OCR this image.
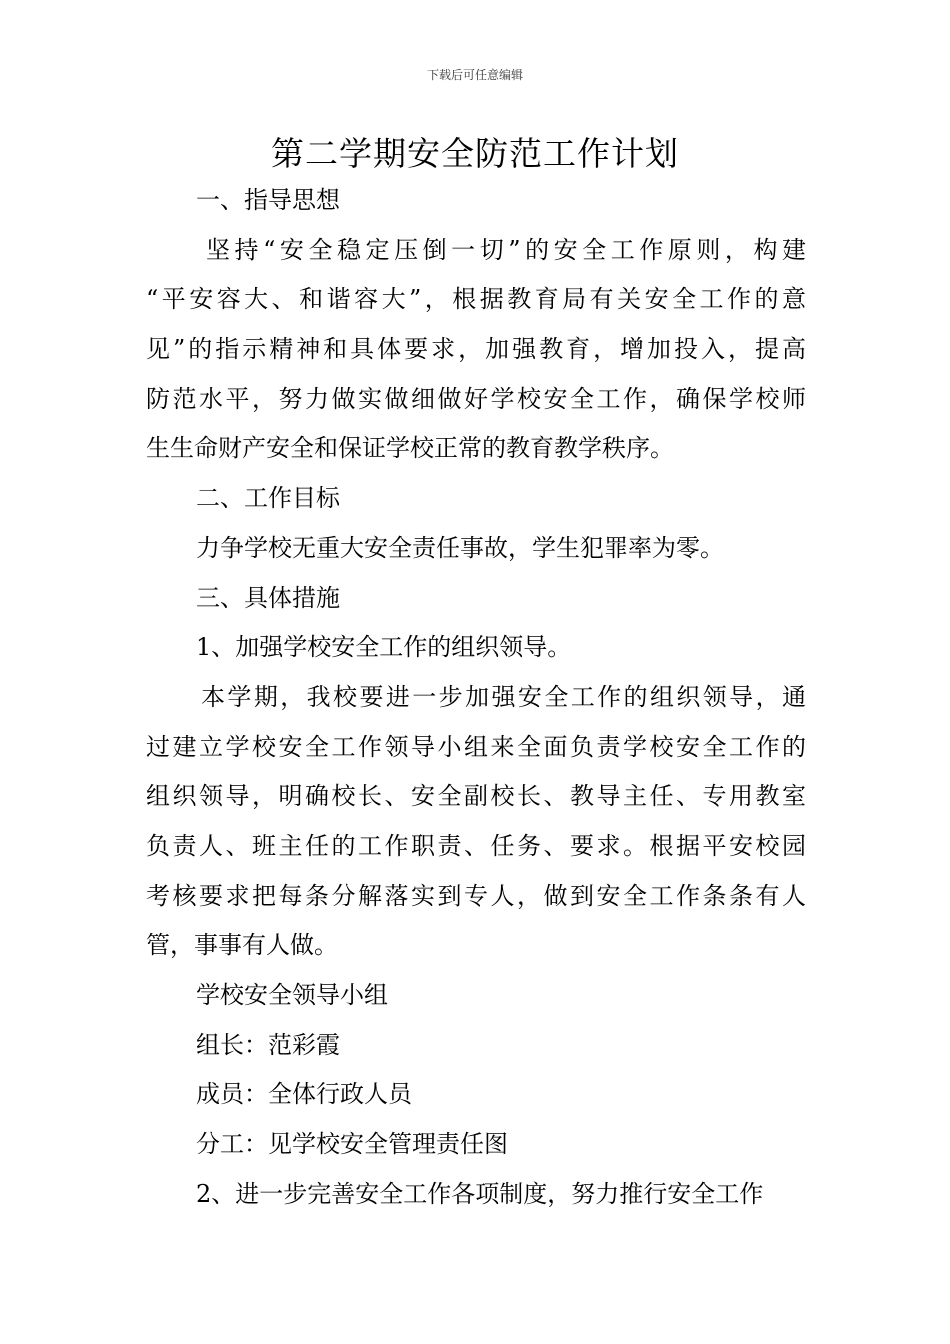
下载后可任意编辑
第二学期安全防范工作计划
一、指导思想
坚持“安全稳定压倒一切”的安全工作原则，构建
“平安容大、和谐容大”，根据教育局有关安全工作的意
见”的指示精神和具体要求，加强教育，增加投入，提高
防范水平，努力做实做细做好学校安全工作，确保学校师
生生命财产安全和保证学校正常的教育教学秩序。
二、工作目标
力争学校无重大安全责任事故，学生犯罪率为零。
三、具体措施
1、加强学校安全工作的组织领导。
本学期，我校要进一步加强安全工作的组织领导，通
过建立学校安全工作领导小组来全面负责学校安全工作的
组织领导，明确校长、安全副校长、教导主任、专用教室
负责人、班主任的工作职责、任务、要求。根据平安校园
考核要求把每条分解落实到专人，做到安全工作条条有人
管，事事有人做。
学校安全领导小组
组长：范彩霞
成员：全体行政人员
分工：见学校安全管理责任图
2、进一步完善安全工作各项制度，努力推行安全工作
